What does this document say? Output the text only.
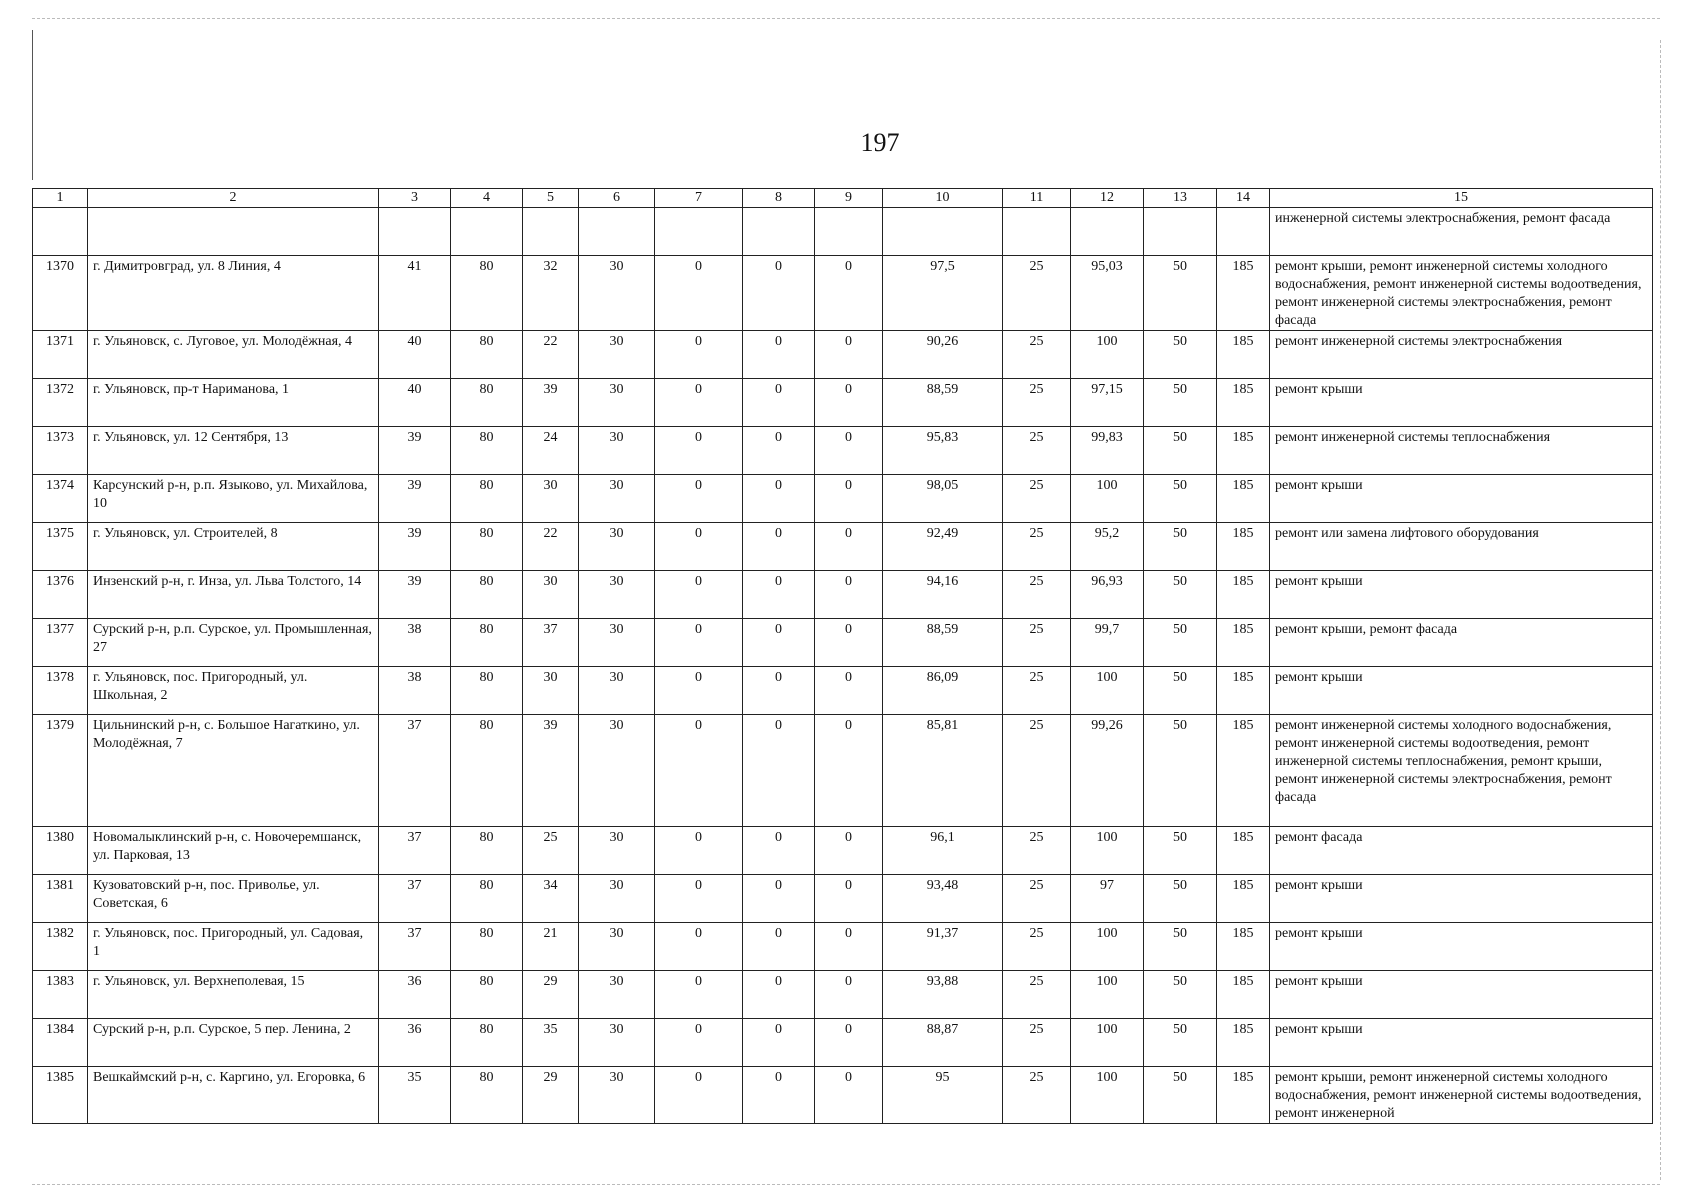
197
1	2	3	4	5	6	7	8	9	10	11	12	13	14	15
														инженерной системы электроснабжения, ремонт фасада
1370	г. Димитровград, ул. 8 Линия, 4	41	80	32	30	0	0	0	97,5	25	95,03	50	185	ремонт крыши, ремонт инженерной системы холодного водоснабжения, ремонт инженерной системы водоотведения, ремонт инженерной системы электроснабжения, ремонт фасада
1371	г. Ульяновск, с. Луговое, ул. Молодёжная, 4	40	80	22	30	0	0	0	90,26	25	100	50	185	ремонт инженерной системы электроснабжения
1372	г. Ульяновск, пр-т Нариманова, 1	40	80	39	30	0	0	0	88,59	25	97,15	50	185	ремонт крыши
1373	г. Ульяновск, ул. 12 Сентября, 13	39	80	24	30	0	0	0	95,83	25	99,83	50	185	ремонт инженерной системы теплоснабжения
1374	Карсунский р-н, р.п. Языково, ул. Михайлова, 10	39	80	30	30	0	0	0	98,05	25	100	50	185	ремонт крыши
1375	г. Ульяновск, ул. Строителей, 8	39	80	22	30	0	0	0	92,49	25	95,2	50	185	ремонт или замена лифтового оборудования
1376	Инзенский р-н, г. Инза, ул. Льва Толстого, 14	39	80	30	30	0	0	0	94,16	25	96,93	50	185	ремонт крыши
1377	Сурский р-н, р.п. Сурское, ул. Промышленная, 27	38	80	37	30	0	0	0	88,59	25	99,7	50	185	ремонт крыши, ремонт фасада
1378	г. Ульяновск, пос. Пригородный, ул. Школьная, 2	38	80	30	30	0	0	0	86,09	25	100	50	185	ремонт крыши
1379	Цильнинский р-н, с. Большое Нагаткино, ул. Молодёжная, 7	37	80	39	30	0	0	0	85,81	25	99,26	50	185	ремонт инженерной системы холодного водоснабжения, ремонт инженерной системы водоотведения, ремонт инженерной системы теплоснабжения, ремонт крыши, ремонт инженерной системы электроснабжения, ремонт фасада
1380	Новомалыклинский р-н, с. Новочеремшанск, ул. Парковая, 13	37	80	25	30	0	0	0	96,1	25	100	50	185	ремонт фасада
1381	Кузоватовский р-н, пос. Приволье, ул. Советская, 6	37	80	34	30	0	0	0	93,48	25	97	50	185	ремонт крыши
1382	г. Ульяновск, пос. Пригородный, ул. Садовая, 1	37	80	21	30	0	0	0	91,37	25	100	50	185	ремонт крыши
1383	г. Ульяновск, ул. Верхнеполевая, 15	36	80	29	30	0	0	0	93,88	25	100	50	185	ремонт крыши
1384	Сурский р-н, р.п. Сурское, 5 пер. Ленина, 2	36	80	35	30	0	0	0	88,87	25	100	50	185	ремонт крыши
1385	Вешкаймский р-н, с. Каргино, ул. Егоровка, 6	35	80	29	30	0	0	0	95	25	100	50	185	ремонт крыши, ремонт инженерной системы холодного водоснабжения, ремонт инженерной системы водоотведения, ремонт инженерной
